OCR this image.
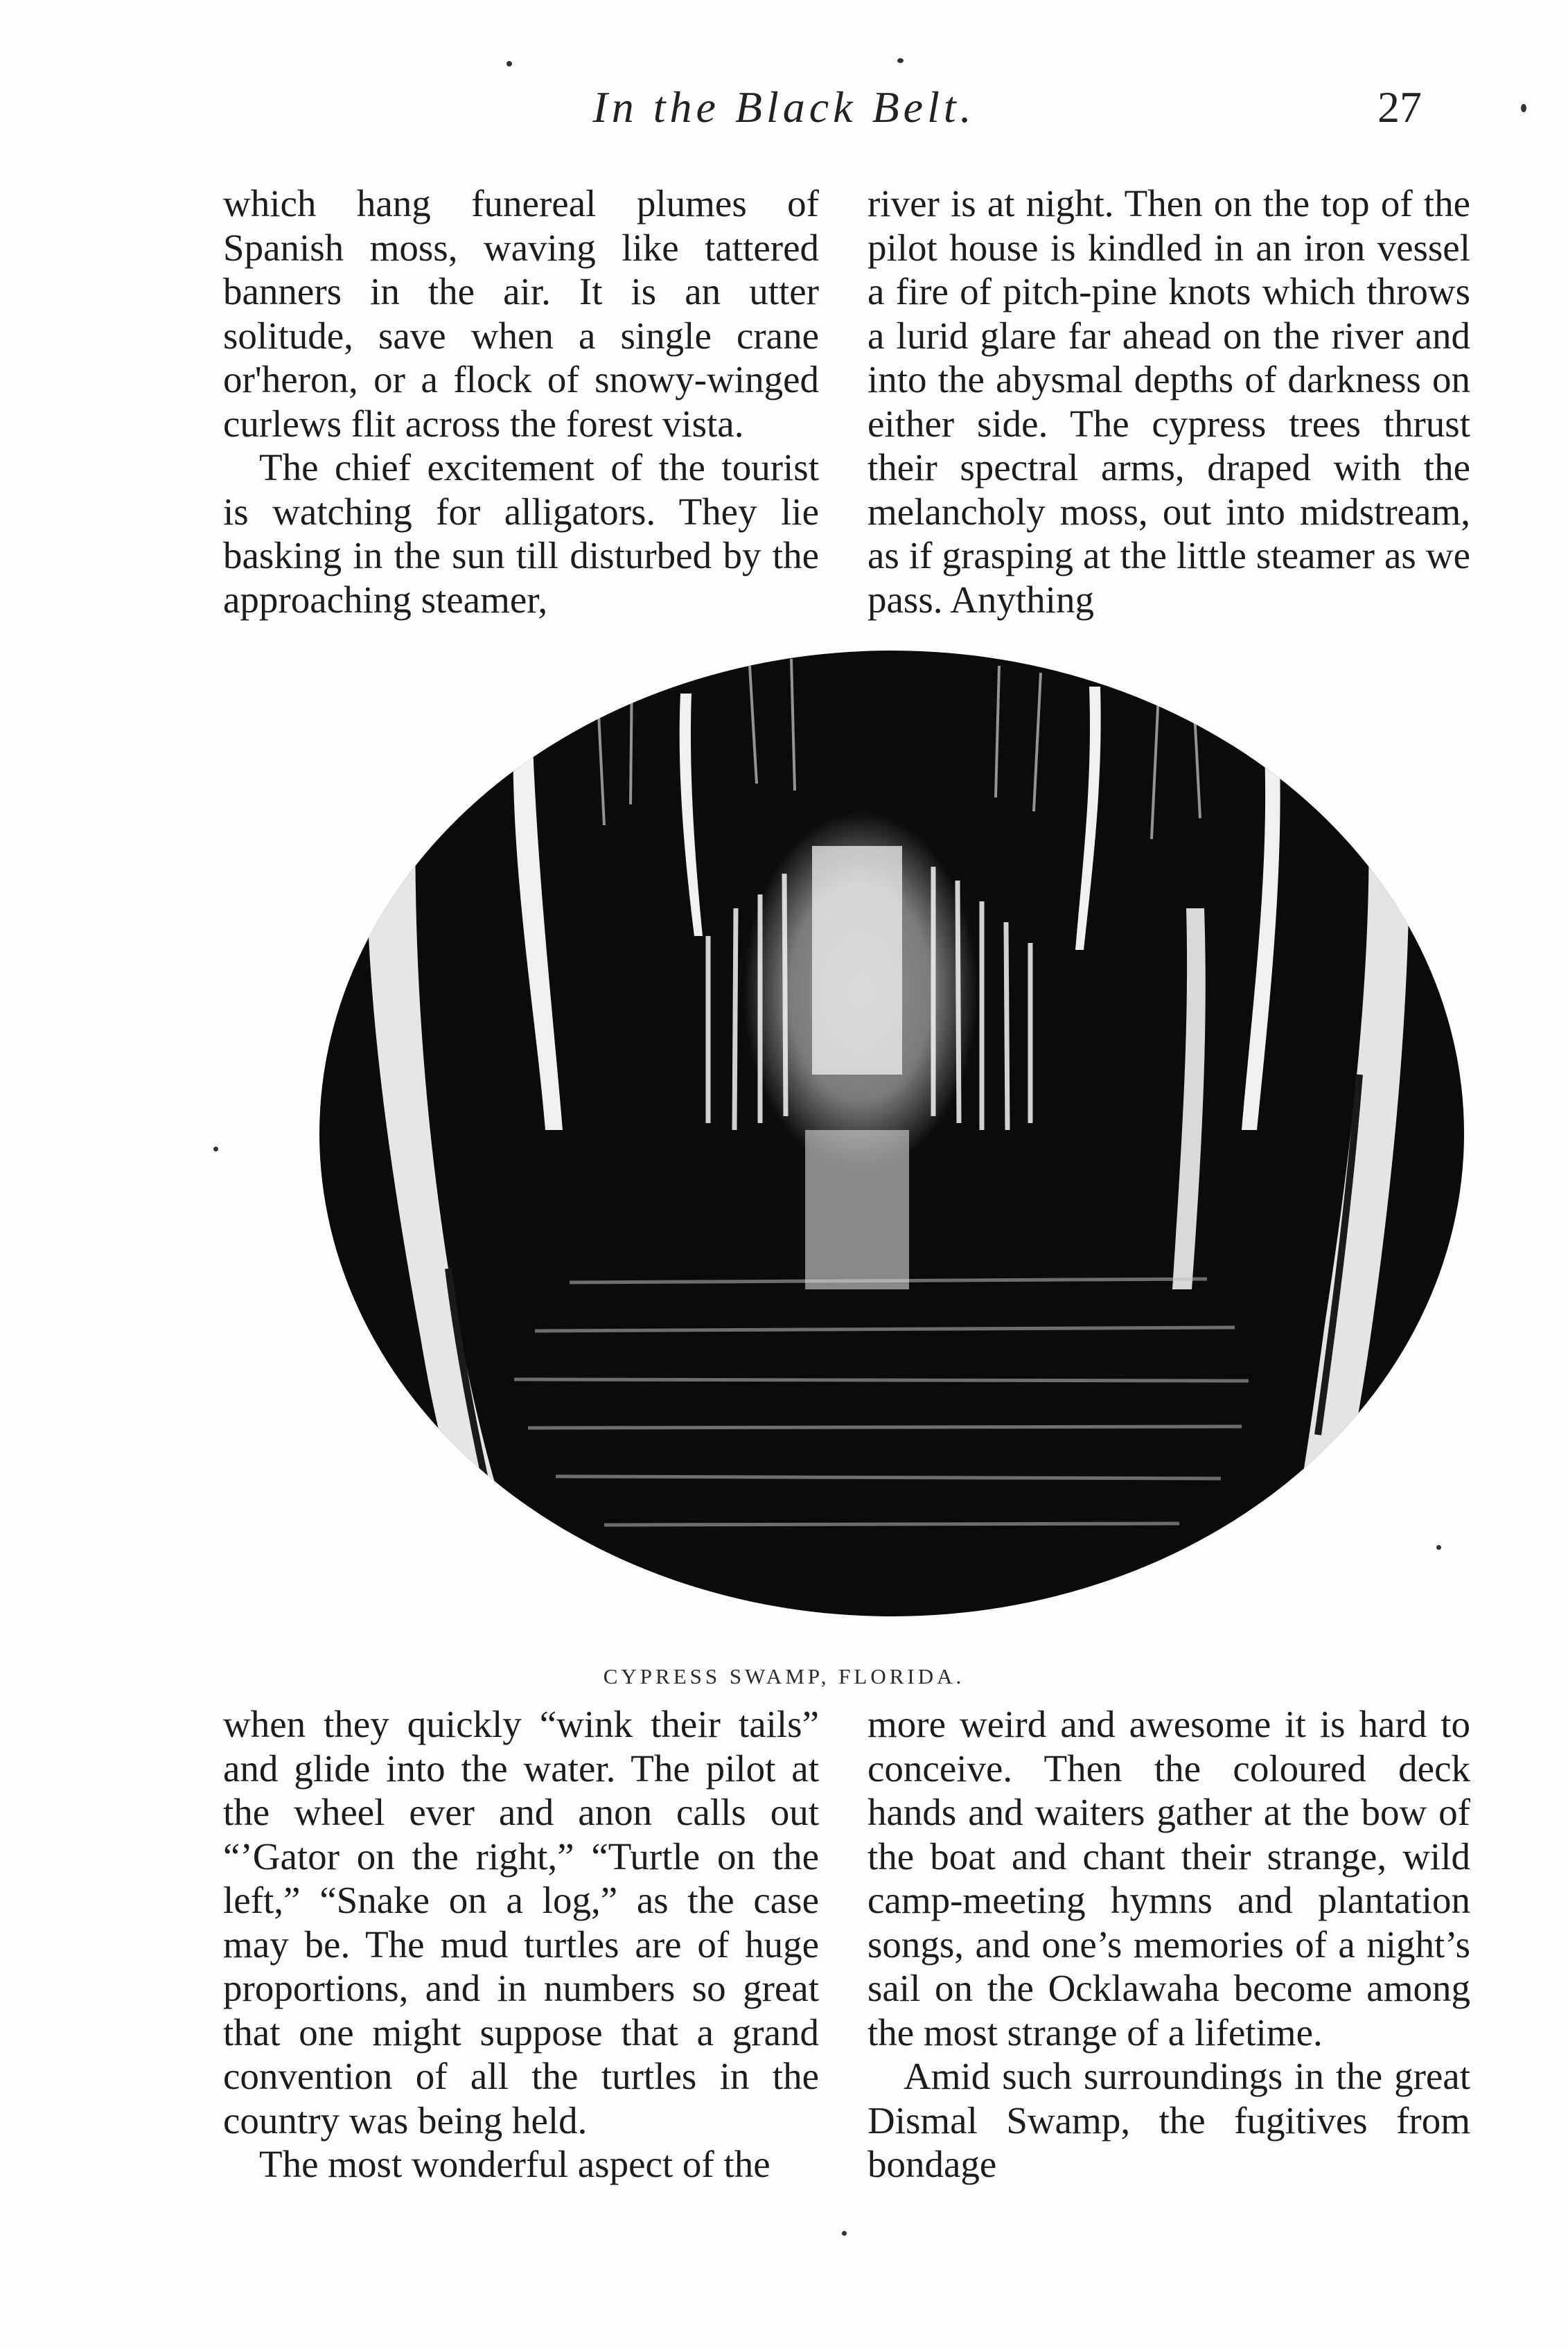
In the Black Belt.	27

which hang funereal plumes of Spanish moss, waving like tattered banners in the air. It is an utter solitude, save when a single crane or'heron, or a flock of snowy-winged curlews flit across the forest vista.

The chief excitement of the tourist is watching for alligators. They lie basking in the sun till disturbed by the approaching steamer,

river is at night. Then on the top of the pilot house is kindled in an iron vessel a fire of pitch-pine knots which throws a lurid glare far ahead on the river and into the abysmal depths of darkness on either side. The cypress trees thrust their spectral arms, draped with the melancholy moss, out into midstream, as if grasping at the little steamer as we pass. Anything

CYPRESS SWAMP, FLORIDA.

when they quickly “wink their tails” and glide into the water. The pilot at the wheel ever and anon calls out “’Gator on the right,” “Turtle on the left,” “Snake on a log,” as the case may be. The mud turtles are of huge proportions, and in numbers so great that one might suppose that a grand convention of all the turtles in the country was being held.

The most wonderful aspect of the

more weird and awesome it is hard to conceive. Then the coloured deck hands and waiters gather at the bow of the boat and chant their strange, wild camp-meeting hymns and plantation songs, and one’s memories of a night’s sail on the Ocklawaha become among the most strange of a lifetime.

Amid such surroundings in the great Dismal Swamp, the fugitives from bondage
